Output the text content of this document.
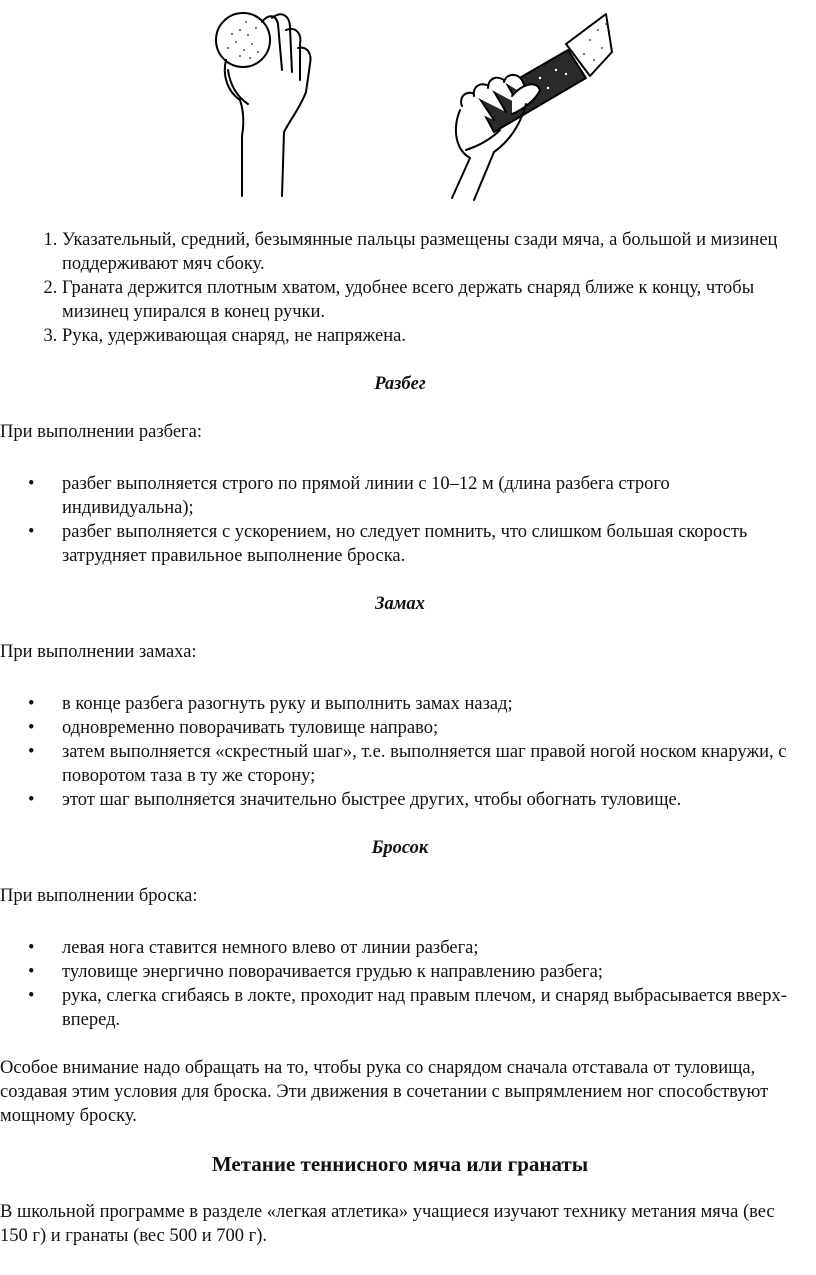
1. Указательный, средний, безымянные пальцы размещены сзади мяча, а большой и мизинец поддерживают мяч сбоку.
2. Граната держится плотным хватом, удобнее всего держать снаряд ближе к концу, чтобы мизинец упирался в конец ручки.
3. Рука, удерживающая снаряд, не напряжена.

Разбег

При выполнении разбега:

• разбег выполняется строго по прямой линии с 10–12 м (длина разбега строго индивидуальна);
• разбег выполняется с ускорением, но следует помнить, что слишком большая скорость затрудняет правильное выполнение броска.

Замах

При выполнении замаха:

• в конце разбега разогнуть руку и выполнить замах назад;
• одновременно поворачивать туловище направо;
• затем выполняется «скрестный шаг», т.е. выполняется шаг правой ногой носком кнаружи, с поворотом таза в ту же сторону;
• этот шаг выполняется значительно быстрее других, чтобы обогнать туловище.

Бросок

При выполнении броска:

• левая нога ставится немного влево от линии разбега;
• туловище энергично поворачивается грудью к направлению разбега;
• рука, слегка сгибаясь в локте, проходит над правым плечом, и снаряд выбрасывается вверх-вперед.

Особое внимание надо обращать на то, чтобы рука со снарядом сначала отставала от туловища, создавая этим условия для броска. Эти движения в сочетании с выпрямлением ног способствуют мощному броску.

Метание теннисного мяча или гранаты

В школьной программе в разделе «легкая атлетика» учащиеся изучают технику метания мяча (вес 150 г) и гранаты (вес 500 и 700 г).
